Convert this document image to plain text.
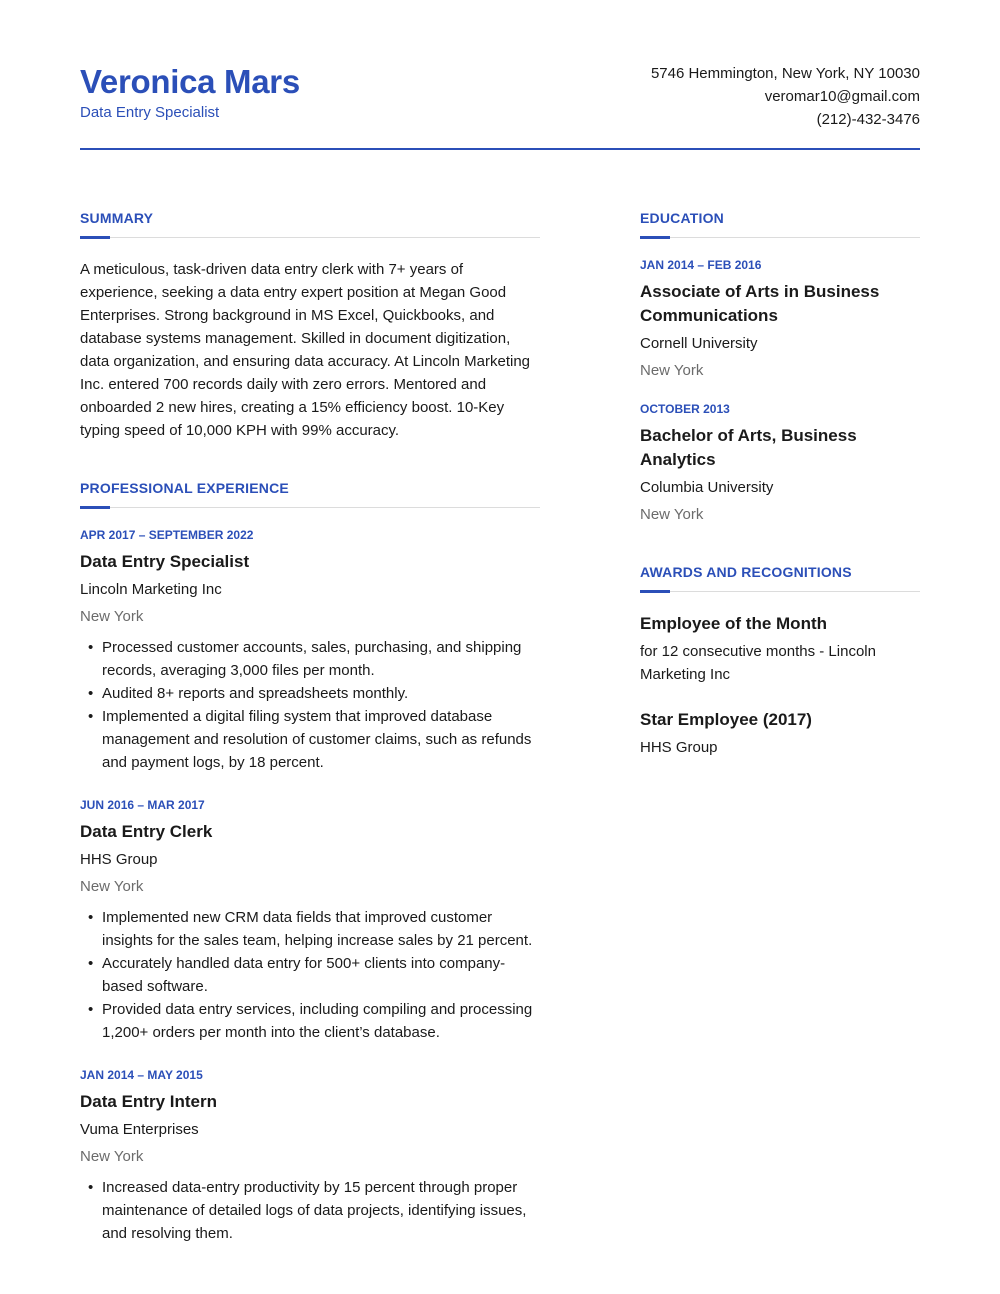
Veronica Mars
Data Entry Specialist
5746 Hemmington, New York, NY 10030
veromar10@gmail.com
(212)-432-3476
SUMMARY

A meticulous, task-driven data entry clerk with 7+ years of experience, seeking a data entry expert position at Megan Good Enterprises. Strong background in MS Excel, Quickbooks, and database systems management. Skilled in document digitization, data organization, and ensuring data accuracy. At Lincoln Marketing Inc. entered 700 records daily with zero errors. Mentored and onboarded 2 new hires, creating a 15% efficiency boost. 10-Key typing speed of 10,000 KPH with 99% accuracy.

PROFESSIONAL EXPERIENCE
APR 2017 – SEPTEMBER 2022
Data Entry Specialist
Lincoln Marketing Inc
New York
• Processed customer accounts, sales, purchasing, and shipping records, averaging 3,000 files per month.
• Audited 8+ reports and spreadsheets monthly.
• Implemented a digital filing system that improved database management and resolution of customer claims, such as refunds and payment logs, by 18 percent.
JUN 2016 – MAR 2017
Data Entry Clerk
HHS Group
New York
• Implemented new CRM data fields that improved customer insights for the sales team, helping increase sales by 21 percent.
• Accurately handled data entry for 500+ clients into company-based software.
• Provided data entry services, including compiling and processing 1,200+ orders per month into the client’s database.
JAN 2014 – MAY 2015
Data Entry Intern
Vuma Enterprises
New York
• Increased data-entry productivity by 15 percent through proper maintenance of detailed logs of data projects, identifying issues, and resolving them.
EDUCATION
JAN 2014 – FEB 2016
Associate of Arts in Business Communications
Cornell University
New York
OCTOBER 2013
Bachelor of Arts, Business Analytics
Columbia University
New York
AWARDS AND RECOGNITIONS
Employee of the Month
for 12 consecutive months - Lincoln Marketing Inc
Star Employee (2017)
HHS Group
